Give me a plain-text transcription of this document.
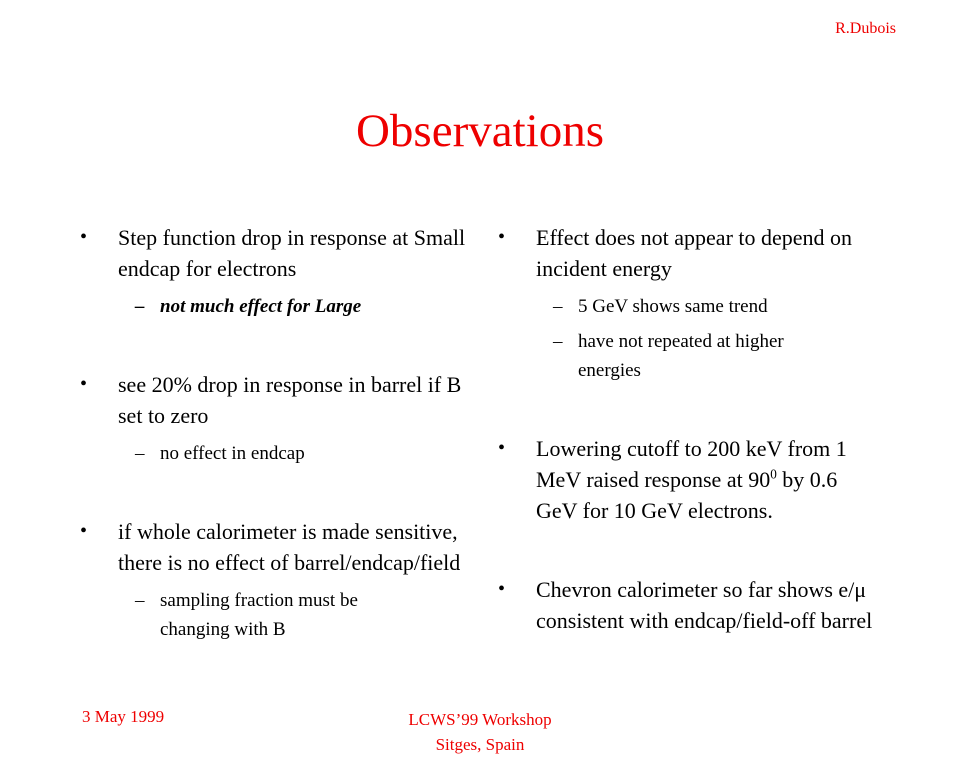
R.Dubois
Observations
•	Step function drop in response at Small endcap for electrons
– not much effect for Large
•	see 20% drop in response in barrel if B set to zero
– no effect in endcap
•	if whole calorimeter is made sensitive, there is no effect of barrel/endcap/field
– sampling fraction must be changing with B
•	Effect does not appear to depend on incident energy
– 5 GeV shows same trend
– have not repeated at higher energies
•	Lowering cutoff to 200 keV from 1 MeV raised response at $90^0$ by 0.6 GeV for 10 GeV electrons.
•	Chevron calorimeter so far shows e/μ consistent with endcap/field-off barrel
3 May 1999	LCWS’99 Workshop
Sitges, Spain
